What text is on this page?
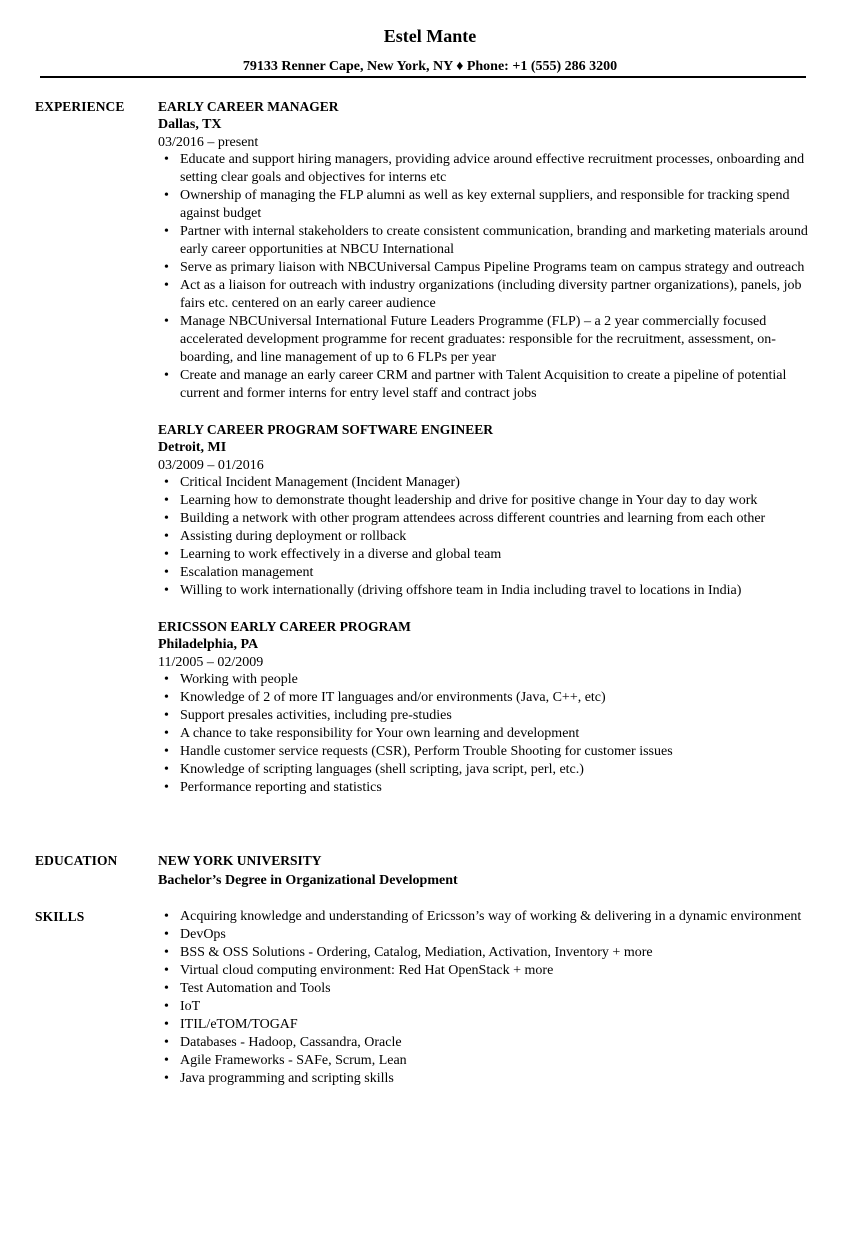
Estel Mante
79133 Renner Cape, New York, NY ♦ Phone: +1 (555) 286 3200
EXPERIENCE EARLY CAREER MANAGER
Dallas, TX
03/2016 – present
• Educate and support hiring managers, providing advice around effective recruitment processes, onboarding and setting clear goals and objectives for interns etc
• Ownership of managing the FLP alumni as well as key external suppliers, and responsible for tracking spend against budget
• Partner with internal stakeholders to create consistent communication, branding and marketing materials around early career opportunities at NBCU International
• Serve as primary liaison with NBCUniversal Campus Pipeline Programs team on campus strategy and outreach
• Act as a liaison for outreach with industry organizations (including diversity partner organizations), panels, job fairs etc. centered on an early career audience
• Manage NBCUniversal International Future Leaders Programme (FLP) – a 2 year commercially focused accelerated development programme for recent graduates: responsible for the recruitment, assessment, on-boarding, and line management of up to 6 FLPs per year
• Create and manage an early career CRM and partner with Talent Acquisition to create a pipeline of potential current and former interns for entry level staff and contract jobs
EARLY CAREER PROGRAM SOFTWARE ENGINEER
Detroit, MI
03/2009 – 01/2016
• Critical Incident Management (Incident Manager)
• Learning how to demonstrate thought leadership and drive for positive change in Your day to day work
• Building a network with other program attendees across different countries and learning from each other
• Assisting during deployment or rollback
• Learning to work effectively in a diverse and global team
• Escalation management
• Willing to work internationally (driving offshore team in India including travel to locations in India)
ERICSSON EARLY CAREER PROGRAM
Philadelphia, PA
11/2005 – 02/2009
• Working with people
• Knowledge of 2 of more IT languages and/or environments (Java, C++, etc)
• Support presales activities, including pre-studies
• A chance to take responsibility for Your own learning and development
• Handle customer service requests (CSR), Perform Trouble Shooting for customer issues
• Knowledge of scripting languages (shell scripting, java script, perl, etc.)
• Performance reporting and statistics
EDUCATION	NEW YORK UNIVERSITY
Bachelor’s Degree in Organizational Development
SKILLS
•	Acquiring knowledge and understanding of Ericsson’s way of working & delivering in a dynamic environment
• DevOps
• BSS & OSS Solutions - Ordering, Catalog, Mediation, Activation, Inventory + more
• Virtual cloud computing environment: Red Hat OpenStack + more
• Test Automation and Tools
• IoT
• ITIL/eTOM/TOGAF
• Databases - Hadoop, Cassandra, Oracle
• Agile Frameworks - SAFe, Scrum, Lean
• Java programming and scripting skills
